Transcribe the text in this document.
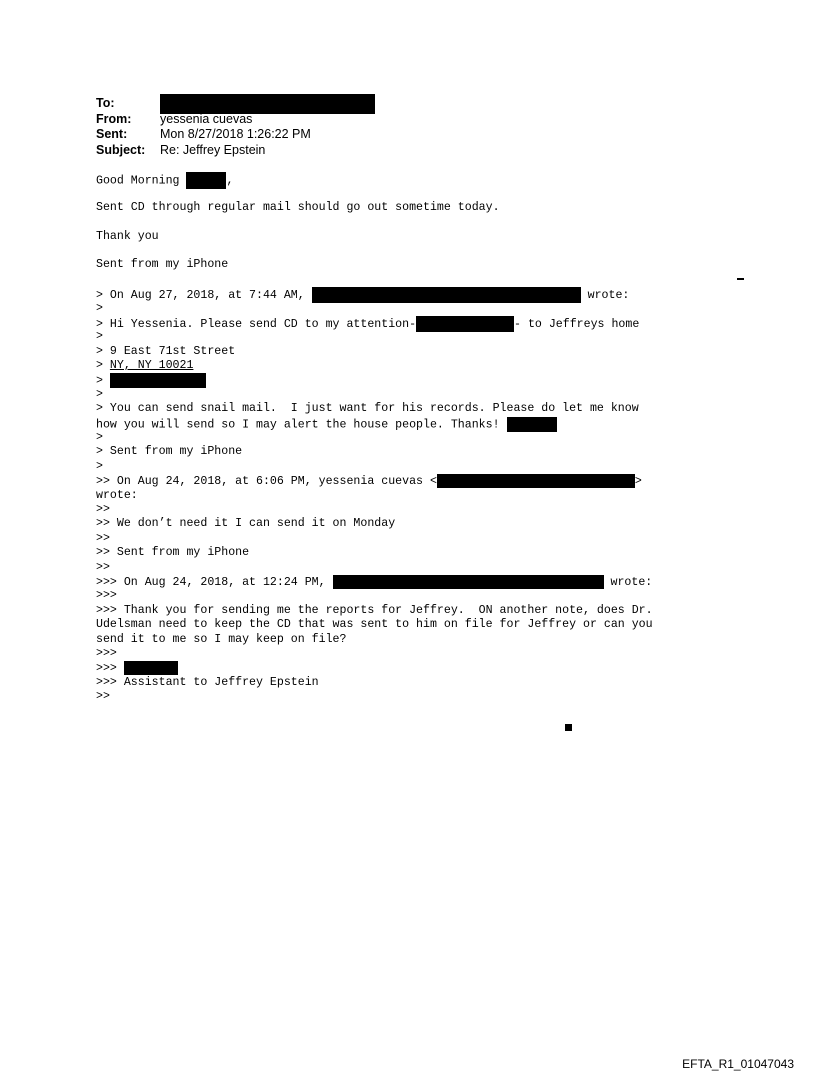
To:
From:	yessenia cuevas
Sent:	Mon 8/27/2018 1:26:22 PM
Subject:	Re: Jeffrey Epstein
Good Morning	,
Sent CD through regular mail should go out sometime today.
Thank you
Sent from my iPhone
> On Aug 27, 2018, at 7:44 AM,	wrote:
>
> Hi Yessenia. Please send CD to my attention-	- to Jeffreys home
>
> 9 East 71st Street
> NY, NY 10021
>
>
> You can send snail mail.  I just want for his records. Please do let me know
how you will send so I may alert the house people. Thanks!
>
> Sent from my iPhone
>
>> On Aug 24, 2018, at 6:06 PM, yessenia cuevas <	>
wrote:
>>
>> We don’t need it I can send it on Monday
>>
>> Sent from my iPhone
>>
>>> On Aug 24, 2018, at 12:24 PM,	wrote:
>>>
>>> Thank you for sending me the reports for Jeffrey.  ON another note, does Dr.
Udelsman need to keep the CD that was sent to him on file for Jeffrey or can you
send it to me so I may keep on file?
>>>
>>>
>>> Assistant to Jeffrey Epstein
>>
EFTA_R1_01047043
